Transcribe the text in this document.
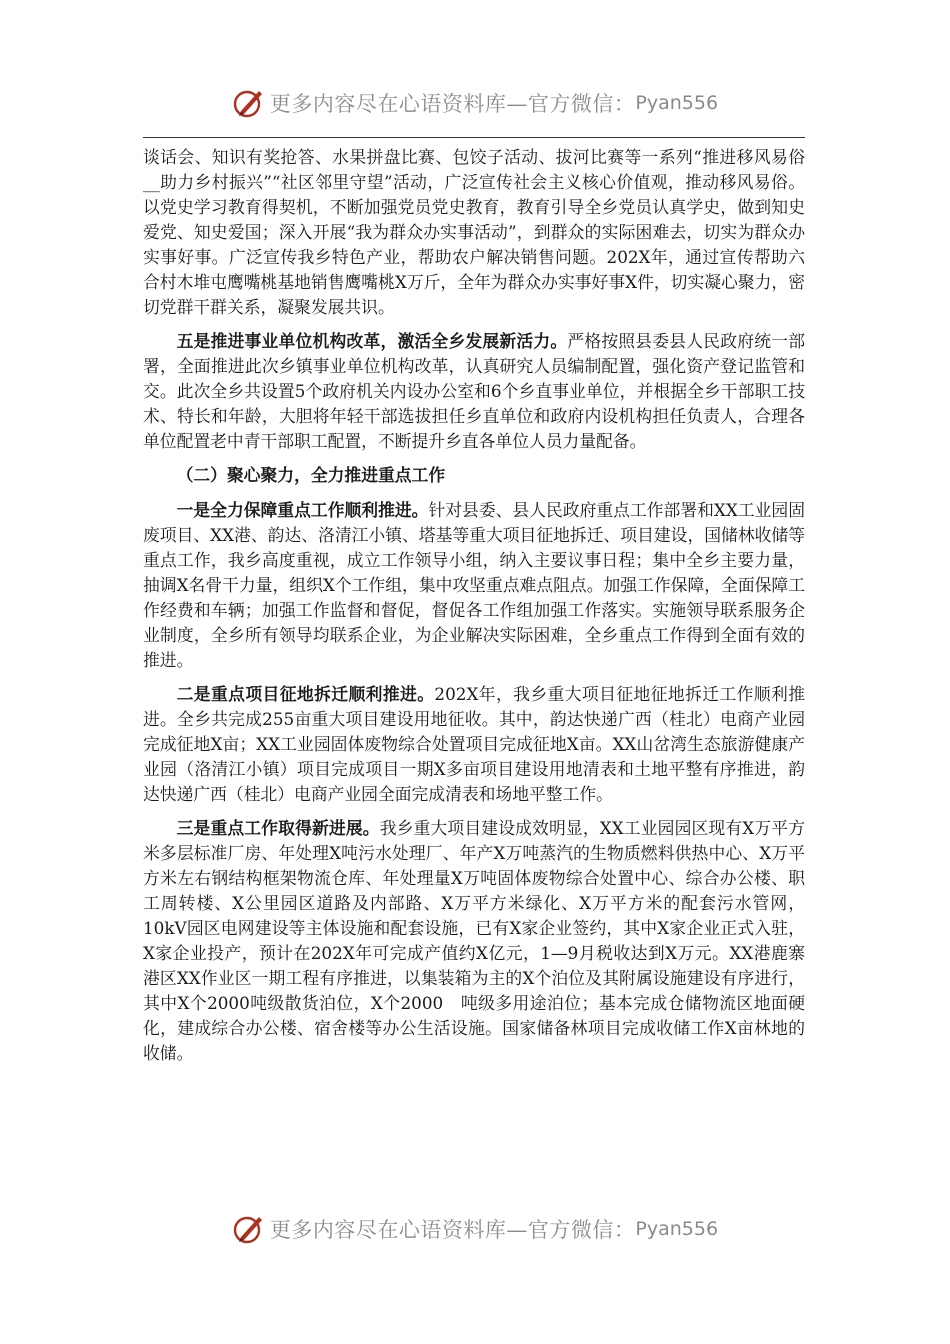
更多内容尽在心语资料库—官方微信： Pyan556

谈话会、知识有奖抢答、水果拼盘比赛、包饺子活动、拔河比赛等一系列“推进移风易俗__助力乡村振兴”“社区邻里守望”活动，广泛宣传社会主义核心价值观，推动移风易俗。以党史学习教育得契机，不断加强党员党史教育，教育引导全乡党员认真学史，做到知史爱党、知史爱国；深入开展“我为群众办实事活动”，到群众的实际困难去，切实为群众办实事好事。广泛宣传我乡特色产业，帮助农户解决销售问题。202X年，通过宣传帮助六合村木堆屯鹰嘴桃基地销售鹰嘴桃X万斤，全年为群众办实事好事X件，切实凝心聚力，密切党群干群关系，凝聚发展共识。

五是推进事业单位机构改革，激活全乡发展新活力。严格按照县委县人民政府统一部署，全面推进此次乡镇事业单位机构改革，认真研究人员编制配置，强化资产登记监管和交。此次全乡共设置5个政府机关内设办公室和6个乡直事业单位，并根据全乡干部职工技术、特长和年龄，大胆将年轻干部选拔担任乡直单位和政府内设机构担任负责人，合理各单位配置老中青干部职工配置，不断提升乡直各单位人员力量配备。

（二）聚心聚力，全力推进重点工作

一是全力保障重点工作顺利推进。针对县委、县人民政府重点工作部署和XX工业园固废项目、XX港、韵达、洛清江小镇、塔基等重大项目征地拆迁、项目建设，国储林收储等重点工作，我乡高度重视，成立工作领导小组，纳入主要议事日程；集中全乡主要力量，抽调X名骨干力量，组织X个工作组，集中攻坚重点难点阻点。加强工作保障，全面保障工作经费和车辆；加强工作监督和督促，督促各工作组加强工作落实。实施领导联系服务企业制度，全乡所有领导均联系企业，为企业解决实际困难，全乡重点工作得到全面有效的推进。

二是重点项目征地拆迁顺利推进。202X年，我乡重大项目征地征地拆迁工作顺利推进。全乡共完成255亩重大项目建设用地征收。其中，韵达快递广西（桂北）电商产业园完成征地X亩；XX工业园固体废物综合处置项目完成征地X亩。XX山岔湾生态旅游健康产业园（洛清江小镇）项目完成项目一期X多亩项目建设用地清表和土地平整有序推进，韵达快递广西（桂北）电商产业园全面完成清表和场地平整工作。

三是重点工作取得新进展。我乡重大项目建设成效明显，XX工业园园区现有X万平方米多层标准厂房、年处理X吨污水处理厂、年产X万吨蒸汽的生物质燃料供热中心、X万平方米左右钢结构框架物流仓库、年处理量X万吨固体废物综合处置中心、综合办公楼、职工周转楼、X公里园区道路及内部路、X万平方米绿化、X万平方米的配套污水管网，10kV园区电网建设等主体设施和配套设施，已有X家企业签约，其中X家企业正式入驻，X家企业投产，预计在202X年可完成产值约X亿元，1—9月税收达到X万元。XX港鹿寨港区XX作业区一期工程有序推进，以集装箱为主的X个泊位及其附属设施建设有序进行，其中X个2000吨级散货泊位，X个2000　吨级多用途泊位；基本完成仓储物流区地面硬化，建成综合办公楼、宿舍楼等办公生活设施。国家储备林项目完成收储工作X亩林地的收储。

更多内容尽在心语资料库—官方微信： Pyan556
